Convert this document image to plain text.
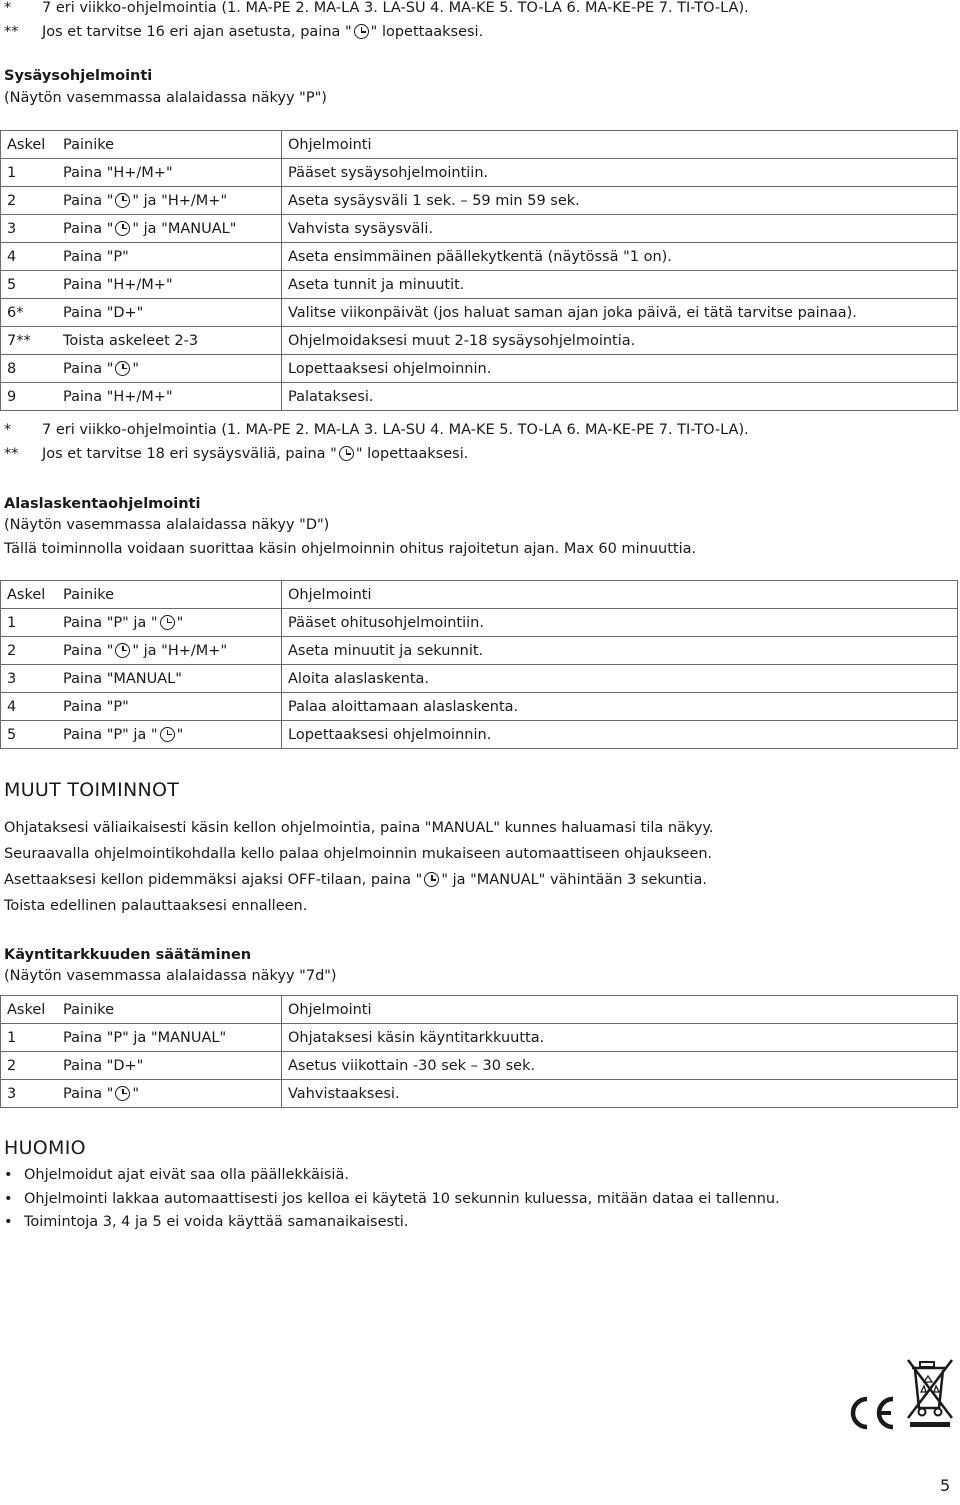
* 7 eri viikko-ohjelmointia (1. MA-PE 2. MA-LA 3. LA-SU 4. MA-KE 5. TO-LA 6. MA-KE-PE 7. TI-TO-LA).
** Jos et tarvitse 16 eri ajan asetusta, paina " " lopettaaksesi.
Sysäysohjelmointi
(Näytön vasemmassa alalaidassa näkyy "P")
Askel	Painike	Ohjelmointi
1	Paina "H+/M+"	Pääset sysäysohjelmointiin.
2	Paina " " ja "H+/M+"	Aseta sysäysväli 1 sek. – 59 min 59 sek.
3	Paina " " ja "MANUAL"	Vahvista sysäysväli.
4	Paina "P"	Aseta ensimmäinen päällekytkentä (näytössä "1 on).
5	Paina "H+/M+"	Aseta tunnit ja minuutit.
6*	Paina "D+"	Valitse viikonpäivät (jos haluat saman ajan joka päivä, ei tätä tarvitse painaa).
7**	Toista askeleet 2-3	Ohjelmoidaksesi muut 2-18 sysäysohjelmointia.
8	Paina " "	Lopettaaksesi ohjelmoinnin.
9	Paina "H+/M+"	Palataksesi.
* 7 eri viikko-ohjelmointia (1. MA-PE 2. MA-LA 3. LA-SU 4. MA-KE 5. TO-LA 6. MA-KE-PE 7. TI-TO-LA).
** Jos et tarvitse 18 eri sysäysväliä, paina " " lopettaaksesi.
Alaslaskentaohjelmointi
(Näytön vasemmassa alalaidassa näkyy "D")
Tällä toiminnolla voidaan suorittaa käsin ohjelmoinnin ohitus rajoitetun ajan. Max 60 minuuttia.
Askel	Painike	Ohjelmointi
1	Paina "P" ja " "	Pääset ohitusohjelmointiin.
2	Paina " " ja "H+/M+"	Aseta minuutit ja sekunnit.
3	Paina "MANUAL"	Aloita alaslaskenta.
4	Paina "P"	Palaa aloittamaan alaslaskenta.
5	Paina "P" ja " "	Lopettaaksesi ohjelmoinnin.
MUUT TOIMINNOT
Ohjataksesi väliaikaisesti käsin kellon ohjelmointia, paina "MANUAL" kunnes haluamasi tila näkyy.
Seuraavalla ohjelmointikohdalla kello palaa ohjelmoinnin mukaiseen automaattiseen ohjaukseen.
Asettaaksesi kellon pidemmäksi ajaksi OFF-tilaan, paina " " ja "MANUAL" vähintään 3 sekuntia.
Toista edellinen palauttaaksesi ennalleen.
Käyntitarkkuuden säätäminen
(Näytön vasemmassa alalaidassa näkyy "7d")
Askel	Painike	Ohjelmointi
1	Paina "P" ja "MANUAL"	Ohjataksesi käsin käyntitarkkuutta.
2	Paina "D+"	Asetus viikottain -30 sek – 30 sek.
3	Paina " "	Vahvistaaksesi.
HUOMIO
• Ohjelmoidut ajat eivät saa olla päällekkäisiä.
• Ohjelmointi lakkaa automaattisesti jos kelloa ei käytetä 10 sekunnin kuluessa, mitään dataa ei tallennu.
• Toimintoja 3, 4 ja 5 ei voida käyttää samanaikaisesti.
5
